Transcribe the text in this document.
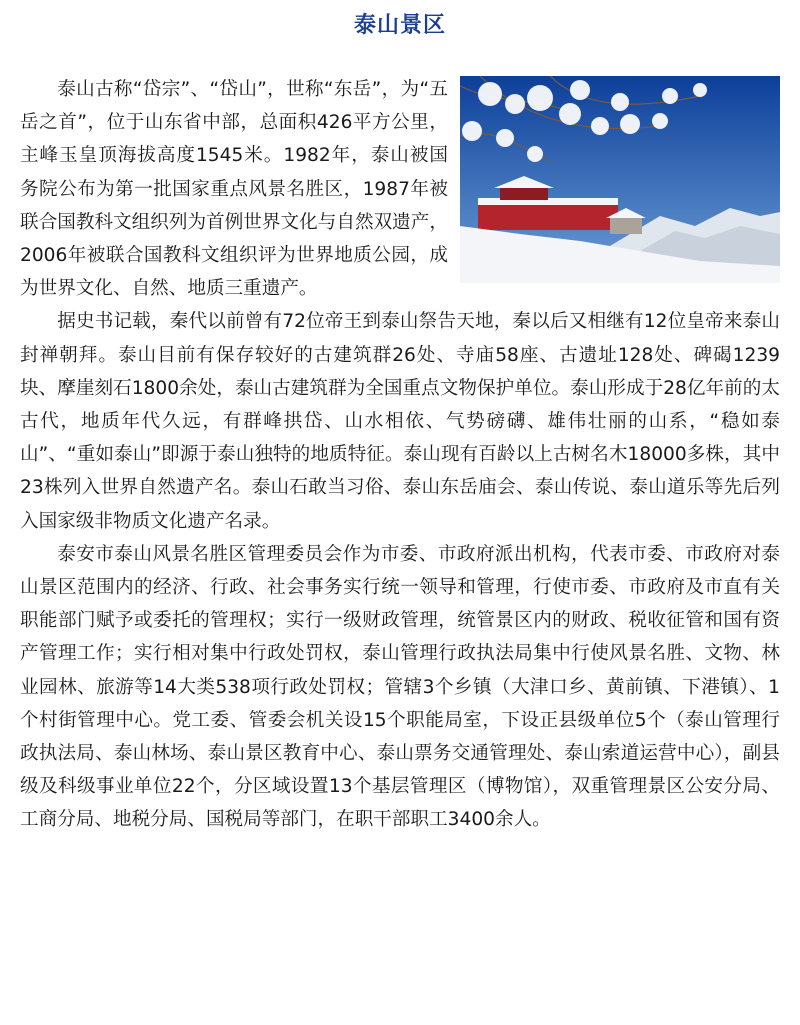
泰山景区

泰山古称“岱宗”、“岱山”，世称“东岳”，为“五岳之首”，位于山东省中部，总面积426平方公里，主峰玉皇顶海拔高度1545米。1982年，泰山被国务院公布为第一批国家重点风景名胜区，1987年被联合国教科文组织列为首例世界文化与自然双遗产，2006年被联合国教科文组织评为世界地质公园，成为世界文化、自然、地质三重遗产。

据史书记载，秦代以前曾有72位帝王到泰山祭告天地，秦以后又相继有12位皇帝来泰山封禅朝拜。泰山目前有保存较好的古建筑群26处、寺庙58座、古遗址128处、碑碣1239块、摩崖刻石1800余处，泰山古建筑群为全国重点文物保护单位。泰山形成于28亿年前的太古代，地质年代久远，有群峰拱岱、山水相依、气势磅礴、雄伟壮丽的山系，“稳如泰山”、“重如泰山”即源于泰山独特的地质特征。泰山现有百龄以上古树名木18000多株，其中23株列入世界自然遗产名。泰山石敢当习俗、泰山东岳庙会、泰山传说、泰山道乐等先后列入国家级非物质文化遗产名录。

泰安市泰山风景名胜区管理委员会作为市委、市政府派出机构，代表市委、市政府对泰山景区范围内的经济、行政、社会事务实行统一领导和管理，行使市委、市政府及市直有关职能部门赋予或委托的管理权；实行一级财政管理，统管景区内的财政、税收征管和国有资产管理工作；实行相对集中行政处罚权，泰山管理行政执法局集中行使风景名胜、文物、林业园林、旅游等14大类538项行政处罚权；管辖3个乡镇（大津口乡、黄前镇、下港镇）、1个村街管理中心。党工委、管委会机关设15个职能局室，下设正县级单位5个（泰山管理行政执法局、泰山林场、泰山景区教育中心、泰山票务交通管理处、泰山索道运营中心），副县级及科级事业单位22个，分区域设置13个基层管理区（博物馆），双重管理景区公安分局、工商分局、地税分局、国税局等部门，在职干部职工3400余人。
